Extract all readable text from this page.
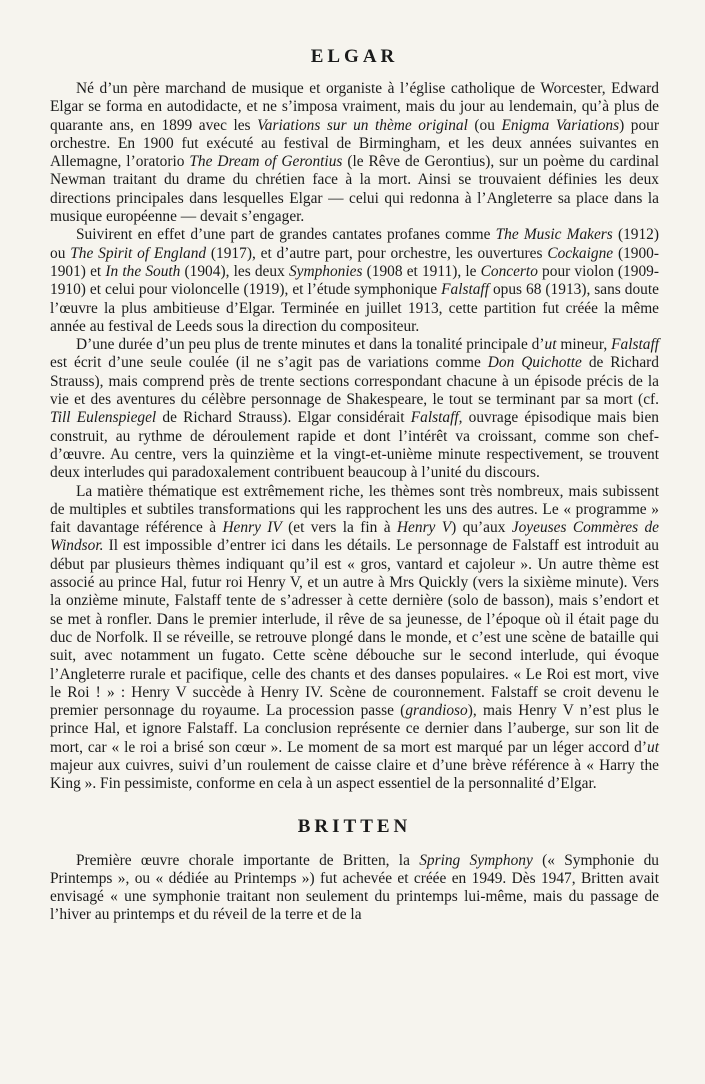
ELGAR

Né d’un père marchand de musique et organiste à l’église catholique de Worcester, Edward Elgar se forma en autodidacte, et ne s’imposa vraiment, mais du jour au lendemain, qu’à plus de quarante ans, en 1899 avec les Variations sur un thème original (ou Enigma Variations) pour orchestre. En 1900 fut exécuté au festival de Birmingham, et les deux années suivantes en Allemagne, l’oratorio The Dream of Gerontius (le Rêve de Gerontius), sur un poème du cardinal Newman traitant du drame du chrétien face à la mort. Ainsi se trouvaient définies les deux directions principales dans lesquelles Elgar — celui qui redonna à l’Angleterre sa place dans la musique européenne — devait s’engager.

Suivirent en effet d’une part de grandes cantates profanes comme The Music Makers (1912) ou The Spirit of England (1917), et d’autre part, pour orchestre, les ouvertures Cockaigne (1900-1901) et In the South (1904), les deux Symphonies (1908 et 1911), le Concerto pour violon (1909-1910) et celui pour violoncelle (1919), et l’étude symphonique Falstaff opus 68 (1913), sans doute l’œuvre la plus ambitieuse d’Elgar. Terminée en juillet 1913, cette partition fut créée la même année au festival de Leeds sous la direction du compositeur.

D’une durée d’un peu plus de trente minutes et dans la tonalité principale d’ut mineur, Falstaff est écrit d’une seule coulée (il ne s’agit pas de variations comme Don Quichotte de Richard Strauss), mais comprend près de trente sections correspondant chacune à un épisode précis de la vie et des aventures du célèbre personnage de Shakespeare, le tout se terminant par sa mort (cf. Till Eulenspiegel de Richard Strauss). Elgar considérait Falstaff, ouvrage épisodique mais bien construit, au rythme de déroulement rapide et dont l’intérêt va croissant, comme son chef-d’œuvre. Au centre, vers la quinzième et la vingt-et-unième minute respectivement, se trouvent deux interludes qui paradoxalement contribuent beaucoup à l’unité du discours.

La matière thématique est extrêmement riche, les thèmes sont très nombreux, mais subissent de multiples et subtiles transformations qui les rapprochent les uns des autres. Le « programme » fait davantage référence à Henry IV (et vers la fin à Henry V) qu’aux Joyeuses Commères de Windsor. Il est impossible d’entrer ici dans les détails. Le personnage de Falstaff est introduit au début par plusieurs thèmes indiquant qu’il est « gros, vantard et cajoleur ». Un autre thème est associé au prince Hal, futur roi Henry V, et un autre à Mrs Quickly (vers la sixième minute). Vers la onzième minute, Falstaff tente de s’adresser à cette dernière (solo de basson), mais s’endort et se met à ronfler. Dans le premier interlude, il rêve de sa jeunesse, de l’époque où il était page du duc de Norfolk. Il se réveille, se retrouve plongé dans le monde, et c’est une scène de bataille qui suit, avec notamment un fugato. Cette scène débouche sur le second interlude, qui évoque l’Angleterre rurale et pacifique, celle des chants et des danses populaires. « Le Roi est mort, vive le Roi ! » : Henry V succède à Henry IV. Scène de couronnement. Falstaff se croit devenu le premier personnage du royaume. La procession passe (grandioso), mais Henry V n’est plus le prince Hal, et ignore Falstaff. La conclusion représente ce dernier dans l’auberge, sur son lit de mort, car « le roi a brisé son cœur ». Le moment de sa mort est marqué par un léger accord d’ut majeur aux cuivres, suivi d’un roulement de caisse claire et d’une brève référence à « Harry the King ». Fin pessimiste, conforme en cela à un aspect essentiel de la personnalité d’Elgar.

BRITTEN

Première œuvre chorale importante de Britten, la Spring Symphony (« Symphonie du Printemps », ou « dédiée au Printemps ») fut achevée et créée en 1949. Dès 1947, Britten avait envisagé « une symphonie traitant non seulement du printemps lui-même, mais du passage de l’hiver au printemps et du réveil de la terre et de la
